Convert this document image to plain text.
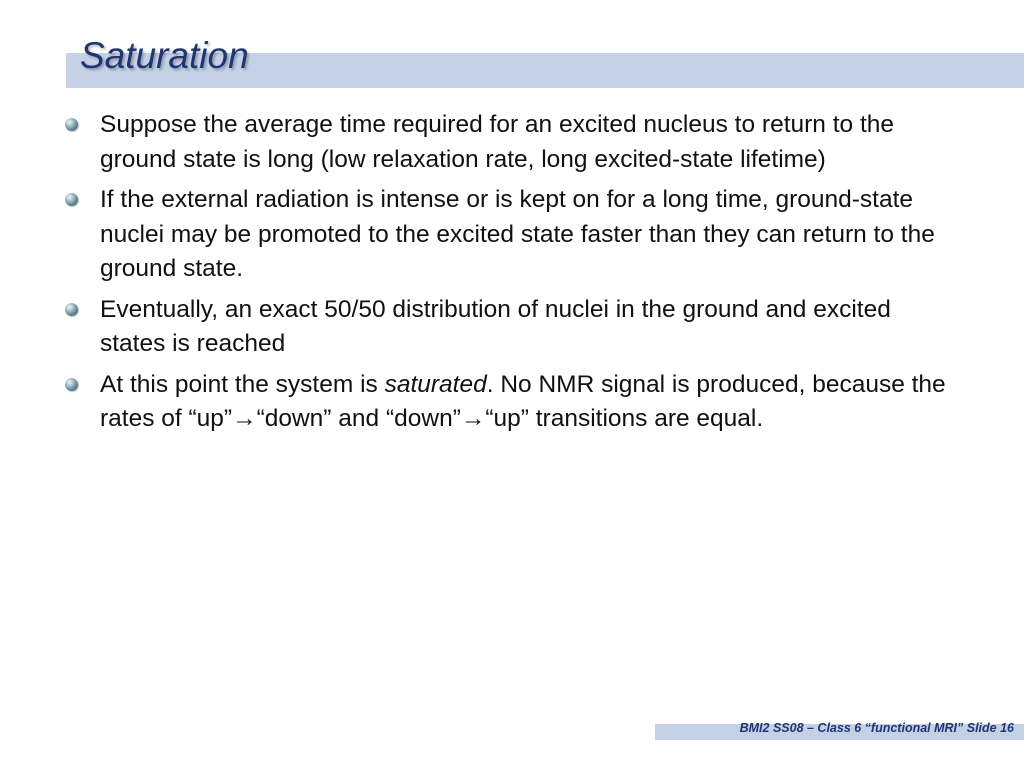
Saturation
Suppose the average time required for an excited nucleus to return to the ground state is long (low relaxation rate, long excited-state lifetime)
If the external radiation is intense or is kept on for a long time, ground-state nuclei may be promoted to the excited state faster than they can return to the ground state.
Eventually, an exact 50/50 distribution of nuclei in the ground and excited states is reached
At this point the system is saturated. No NMR signal is produced, because the rates of “up”→“down” and “down”→“up” transitions are equal.
BMI2 SS08 – Class 6 “functional MRI” Slide 16
